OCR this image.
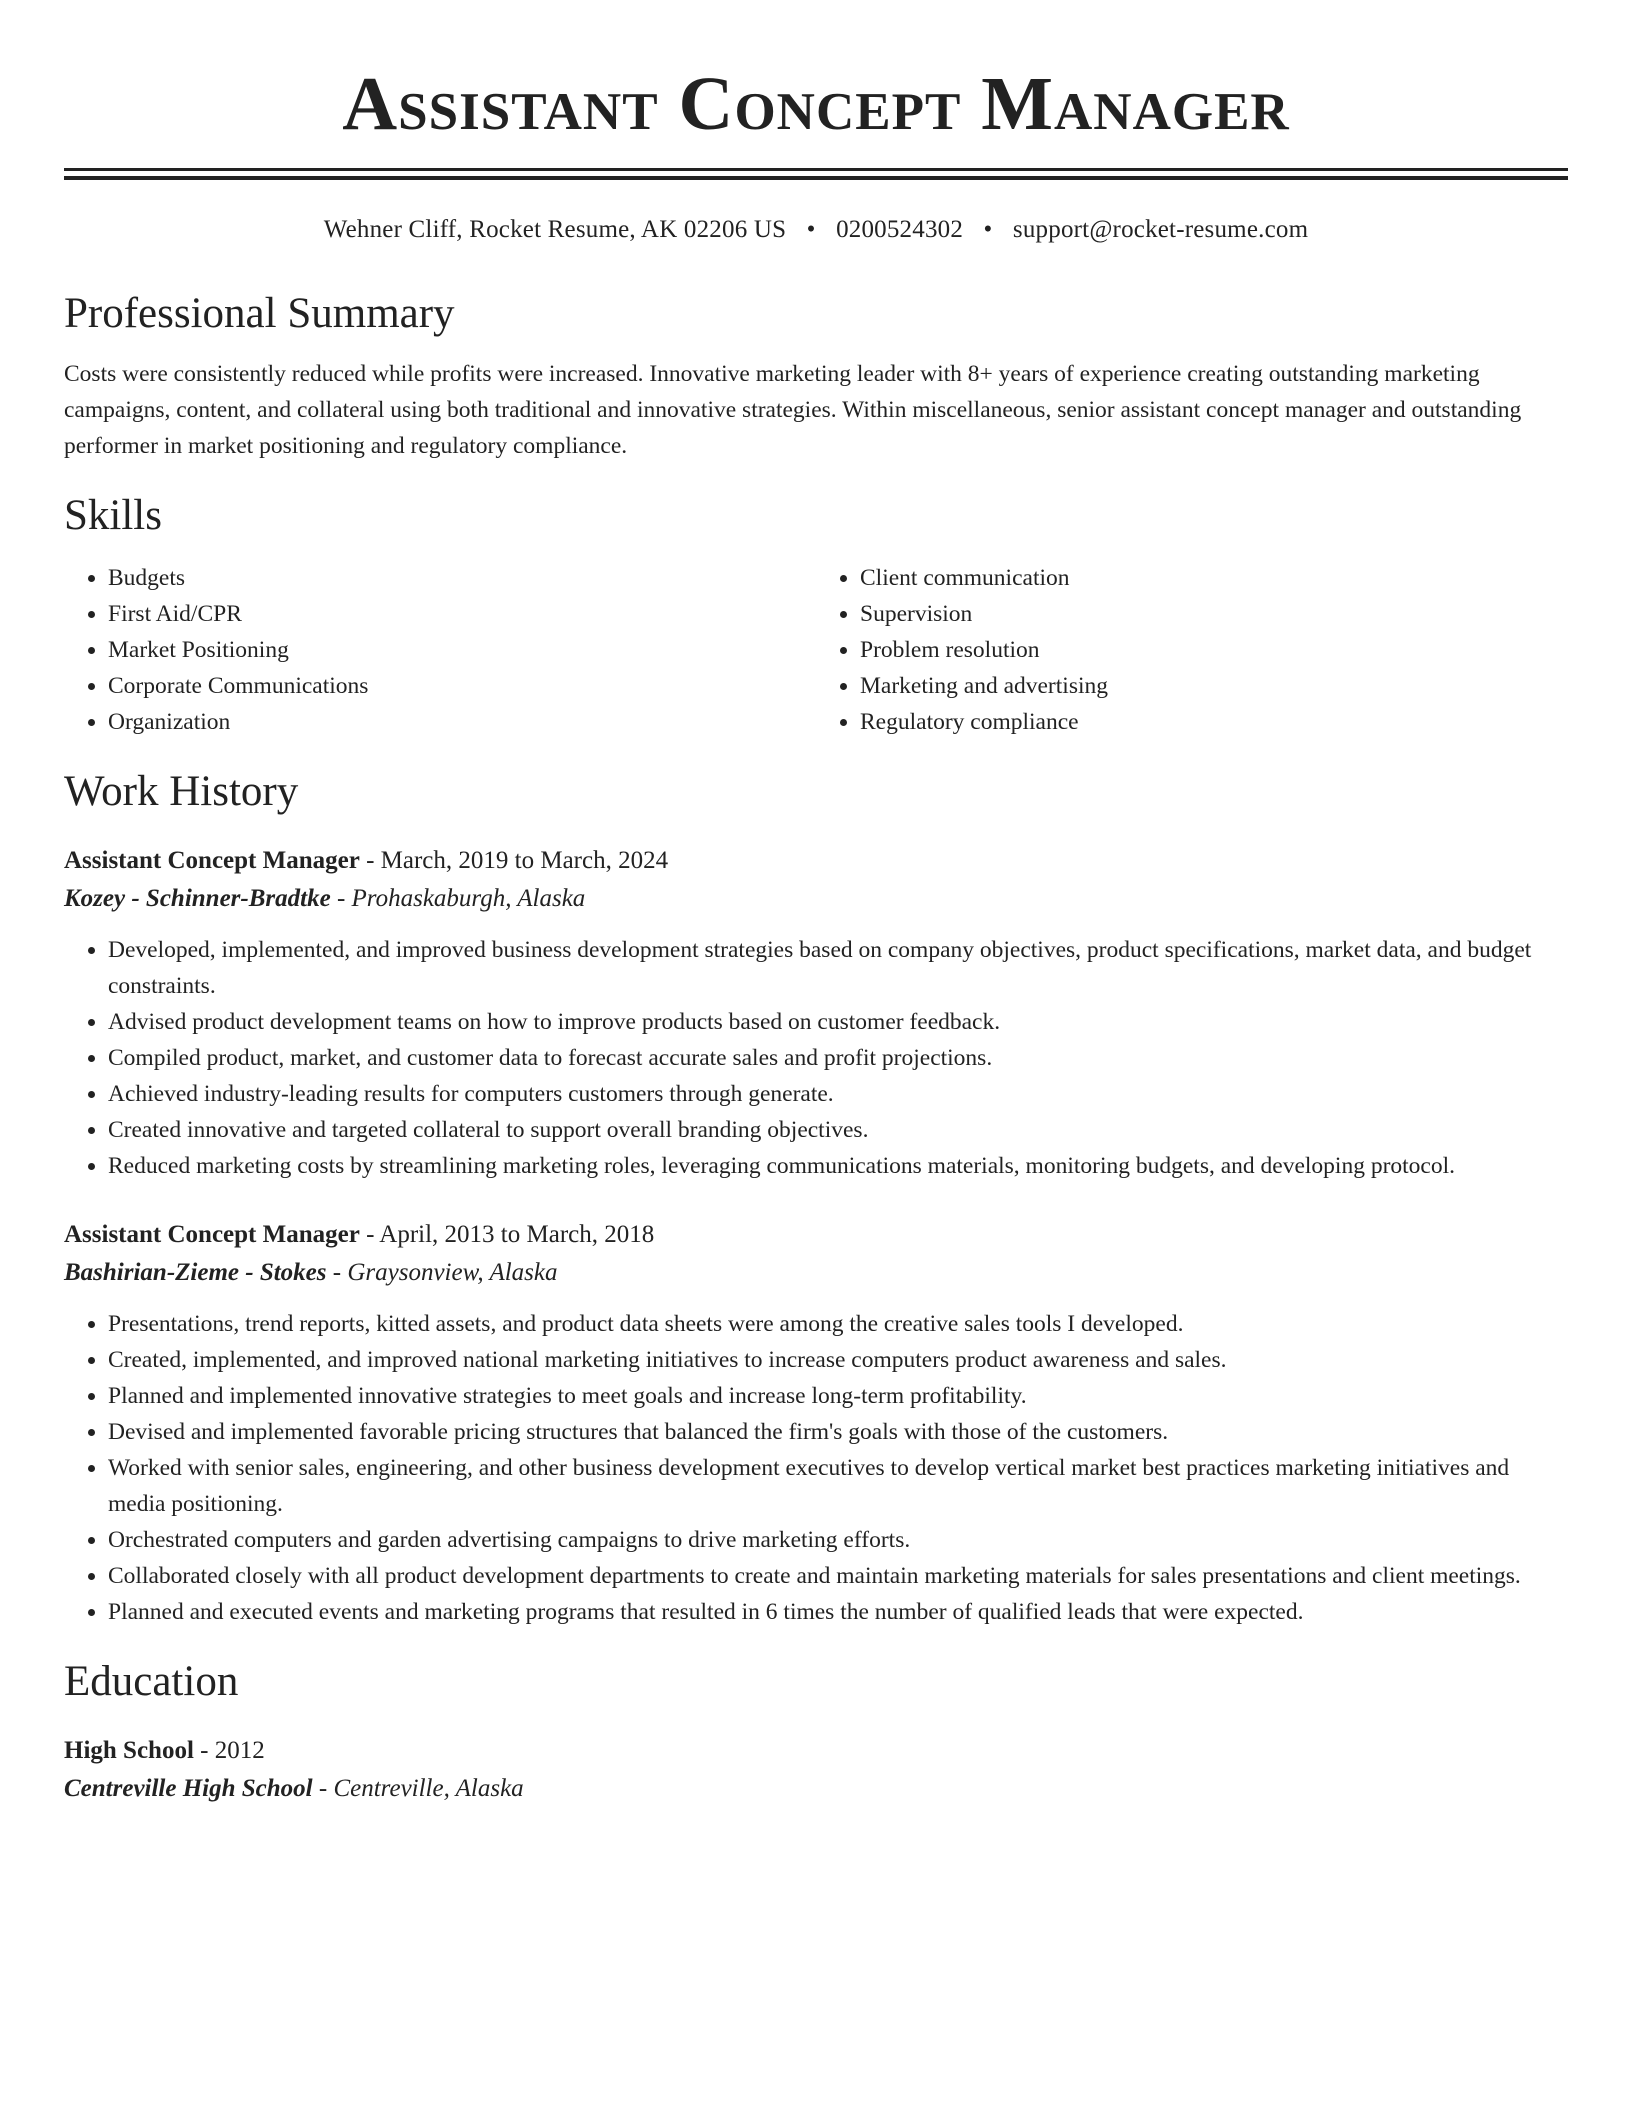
Assistant Concept Manager
Wehner Cliff, Rocket Resume, AK 02206 US • 0200524302 • support@rocket-resume.com
Professional Summary

Costs were consistently reduced while profits were increased. Innovative marketing leader with 8+ years of experience creating outstanding marketing campaigns, content, and collateral using both traditional and innovative strategies. Within miscellaneous, senior assistant concept manager and outstanding performer in market positioning and regulatory compliance.

Skills
• Budgets
• First Aid/CPR
• Market Positioning
• Corporate Communications
• Organization
• Client communication
• Supervision
• Problem resolution
• Marketing and advertising
• Regulatory compliance
Work History
Assistant Concept Manager - March, 2019 to March, 2024
Kozey - Schinner-Bradtke - Prohaskaburgh, Alaska
• Developed, implemented, and improved business development strategies based on company objectives, product specifications, market data, and budget constraints.
• Advised product development teams on how to improve products based on customer feedback.
• Compiled product, market, and customer data to forecast accurate sales and profit projections.
• Achieved industry-leading results for computers customers through generate.
• Created innovative and targeted collateral to support overall branding objectives.
• Reduced marketing costs by streamlining marketing roles, leveraging communications materials, monitoring budgets, and developing protocol.
Assistant Concept Manager - April, 2013 to March, 2018
Bashirian-Zieme - Stokes - Graysonview, Alaska
• Presentations, trend reports, kitted assets, and product data sheets were among the creative sales tools I developed.
• Created, implemented, and improved national marketing initiatives to increase computers product awareness and sales.
• Planned and implemented innovative strategies to meet goals and increase long-term profitability.
• Devised and implemented favorable pricing structures that balanced the firm's goals with those of the customers.
• Worked with senior sales, engineering, and other business development executives to develop vertical market best practices marketing initiatives and media positioning.
• Orchestrated computers and garden advertising campaigns to drive marketing efforts.
• Collaborated closely with all product development departments to create and maintain marketing materials for sales presentations and client meetings.
• Planned and executed events and marketing programs that resulted in 6 times the number of qualified leads that were expected.
Education
High School - 2012
Centreville High School - Centreville, Alaska
